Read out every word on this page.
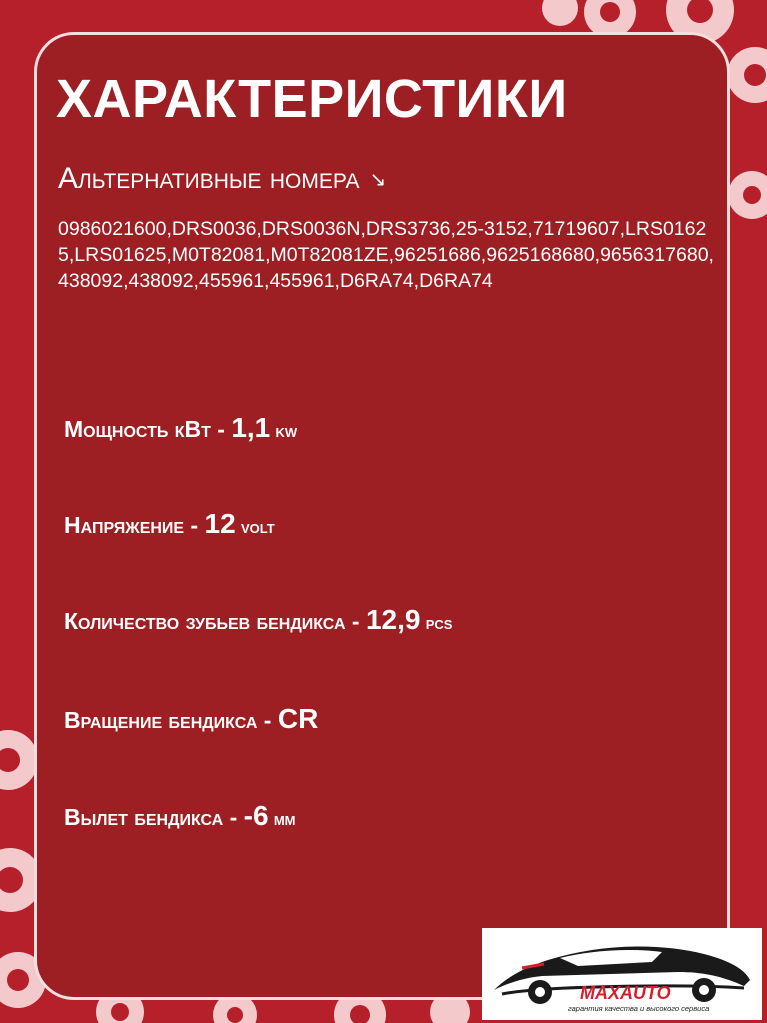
ХАРАКТЕРИСТИКИ
Альтернативные номера ↘
0986021600,DRS0036,DRS0036N,DRS3736,25-3152,71719607,LRS01625,LRS01625,M0T82081,M0T82081ZE,96251686,9625168680,9656317680,438092,438092,455961,455961,D6RA74,D6RA74
Мощность кВт - 1,1 kw
Напряжение - 12 volt
Количество зубьев бендикса - 12,9 pcs
Вращение бендикса - CR
Вылет бендикса - -6 мм
MAXAUTO
гарантия качества и высокого сервиса
